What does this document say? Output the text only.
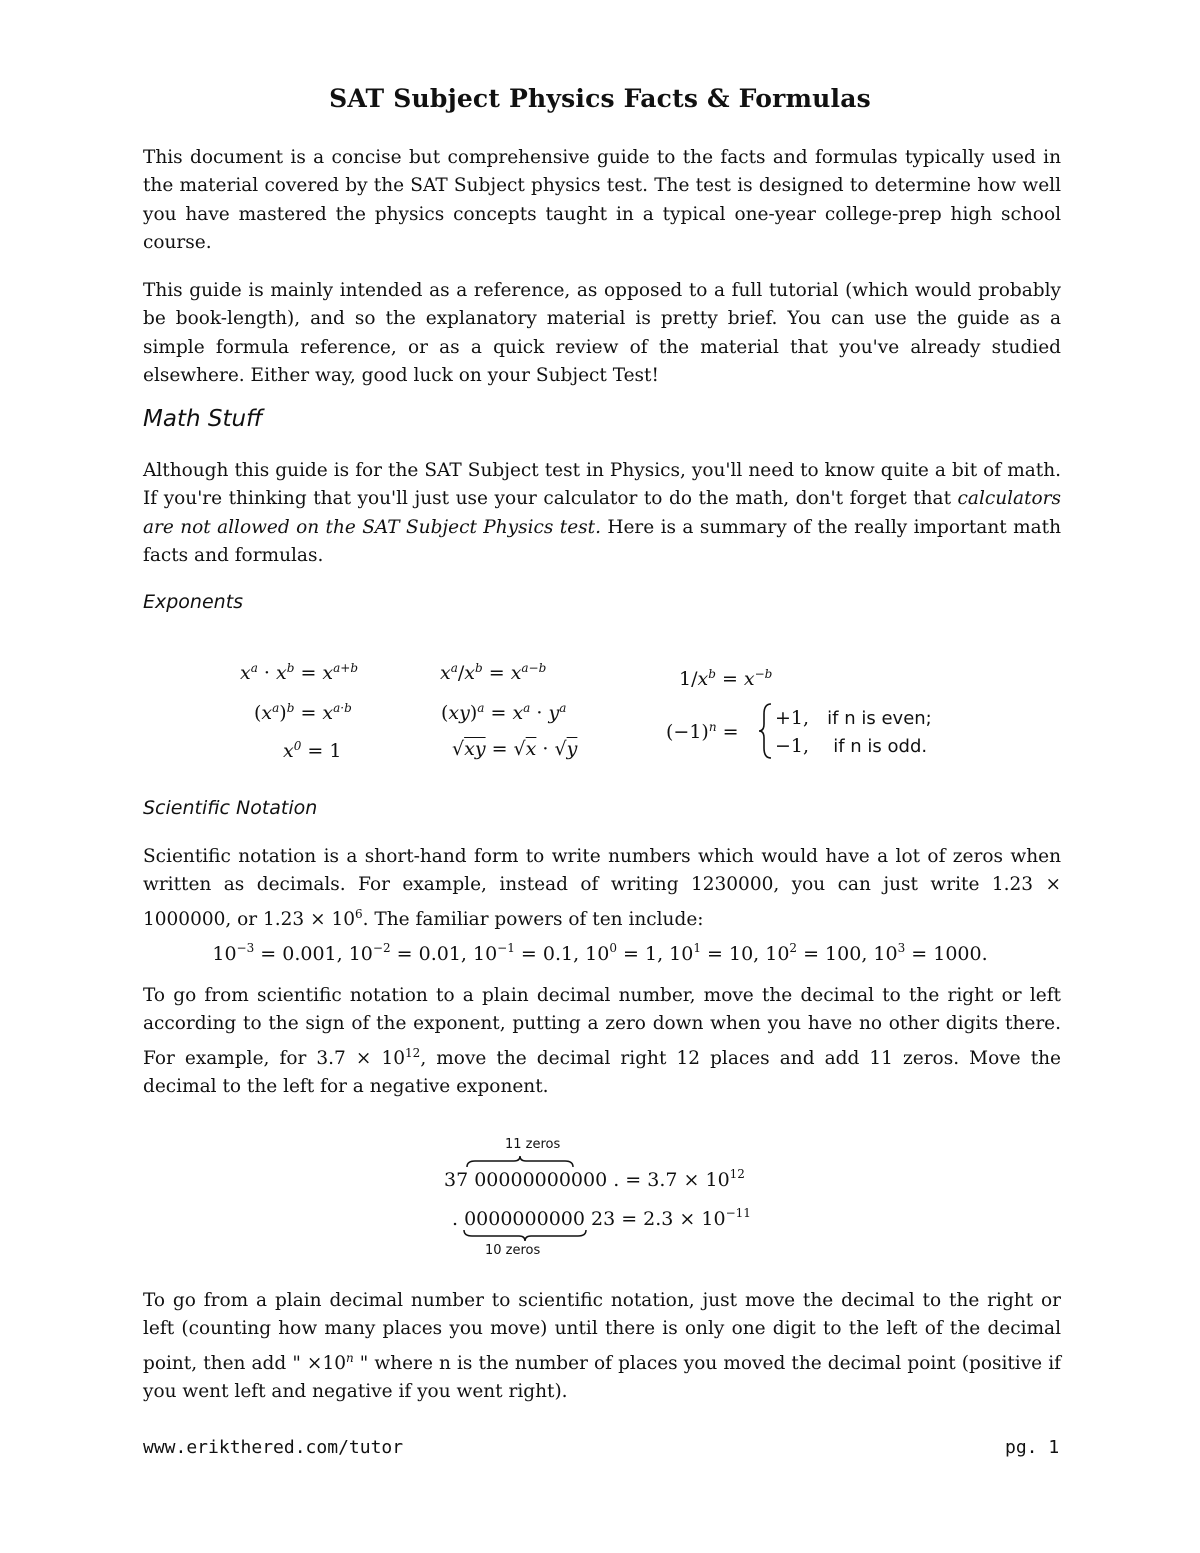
SAT Subject Physics Facts & Formulas

This document is a concise but comprehensive guide to the facts and formulas typically used in the material covered by the SAT Subject physics test. The test is designed to determine how well you have mastered the physics concepts taught in a typical one-year college-prep high school course.

This guide is mainly intended as a reference, as opposed to a full tutorial (which would probably be book-length), and so the explanatory material is pretty brief. You can use the guide as a simple formula reference, or as a quick review of the material that you've already studied elsewhere. Either way, good luck on your Subject Test!

Math Stuff

Although this guide is for the SAT Subject test in Physics, you'll need to know quite a bit of math. If you're thinking that you'll just use your calculator to do the math, don't forget that calculators are not allowed on the SAT Subject Physics test. Here is a summary of the really important math facts and formulas.

Exponents
$x^a \cdot x^b = x^{a+b}$
$(x^a)^b = x^{a\cdot b}$
$x^0 = 1$
$x^a/x^b = x^{a-b}$
$(xy)^a = x^a \cdot y^a$
√xy = √x · √y
$1/x^b = x^{-b}$
$(-1)^n$ =
+1,   if n is even;
−1,    if n is odd.
Scientific Notation

Scientific notation is a short-hand form to write numbers which would have a lot of zeros when written as decimals. For example, instead of writing 1230000, you can just write 1.23 × 1000000, or $1.23 \times 10^6$. The familiar powers of ten include:

$10^{-3} = 0.001$, $10^{-2} = 0.01$, $10^{-1} = 0.1$, $10^0 = 1$, $10^1 = 10$, $10^2 = 100$, $10^3 = 1000$.

To go from scientific notation to a plain decimal number, move the decimal to the right or left according to the sign of the exponent, putting a zero down when you have no other digits there. For example, for $3.7 \times 10^{12}$, move the decimal right 12 places and add 11 zeros. Move the decimal to the left for a negative exponent.

11 zeros
37 00000000000 . = $3.7 \times 10^{12}$
. 0000000000 $23 = 2.3 \times 10^{-11}$
10 zeros

To go from a plain decimal number to scientific notation, just move the decimal to the right or left (counting how many places you move) until there is only one digit to the left of the decimal point, then add " $\times 10^n$ " where n is the number of places you moved the decimal point (positive if you went left and negative if you went right).

www.erikthered.com/tutor	pg. 1
